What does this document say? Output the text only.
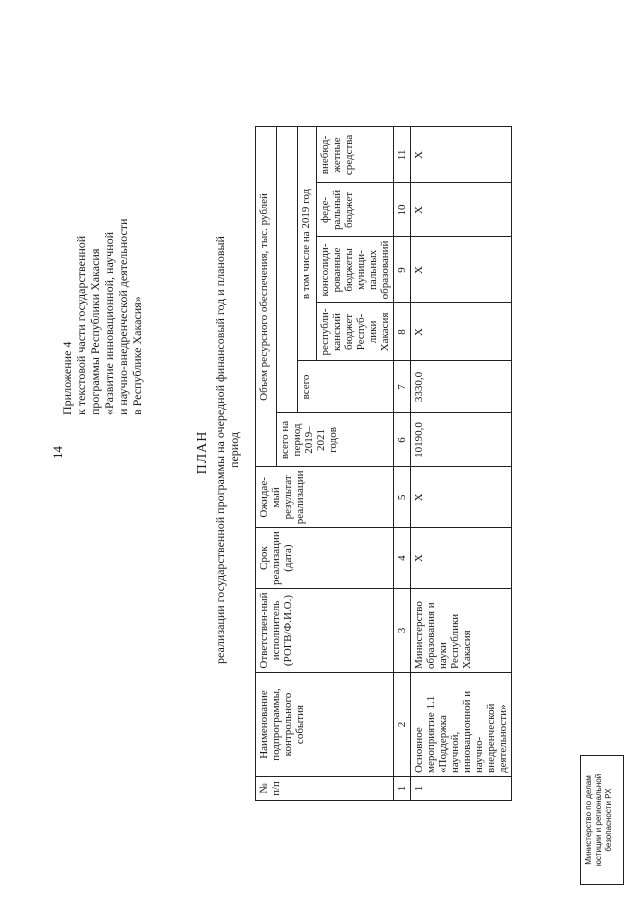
14
Приложение 4 к текстовой части государственной программы Республики Хакасия «Развитие инновационной, научной и научно-внедренческой деятельности в Республике Хакасия»
ПЛАН реализации государственной программы на очередной финансовый год и плановый период
№ п/п	Наименование подпрограммы, контрольного события	Ответствен-ный исполнитель (РОГВ/Ф.И.О.)	Срок реализации (дата)	Ожидае-мый результат реализации	Объем ресурсного обеспечения, тыс. рублей					
					всего на период 2019–2021 годов					
						всего	в том числе на 2019 год			
							республи-канский бюджет Респуб-лики Хакасия	консолиди-рованные бюджеты муници-пальных образований	феде-ральный бюджет	внебюд-жетные средства
1	2	3	4	5	6	7	8	9	10	11
1	Основное мероприятие 1.1 «Поддержка научной, инновационной и научно-внедренческой деятельности»	Министерство образования и науки Республики Хакасия	Х	Х	10190,0	3330,0	Х	Х	Х	Х
Министерство по делам юстиции и региональной безопасности РХ
